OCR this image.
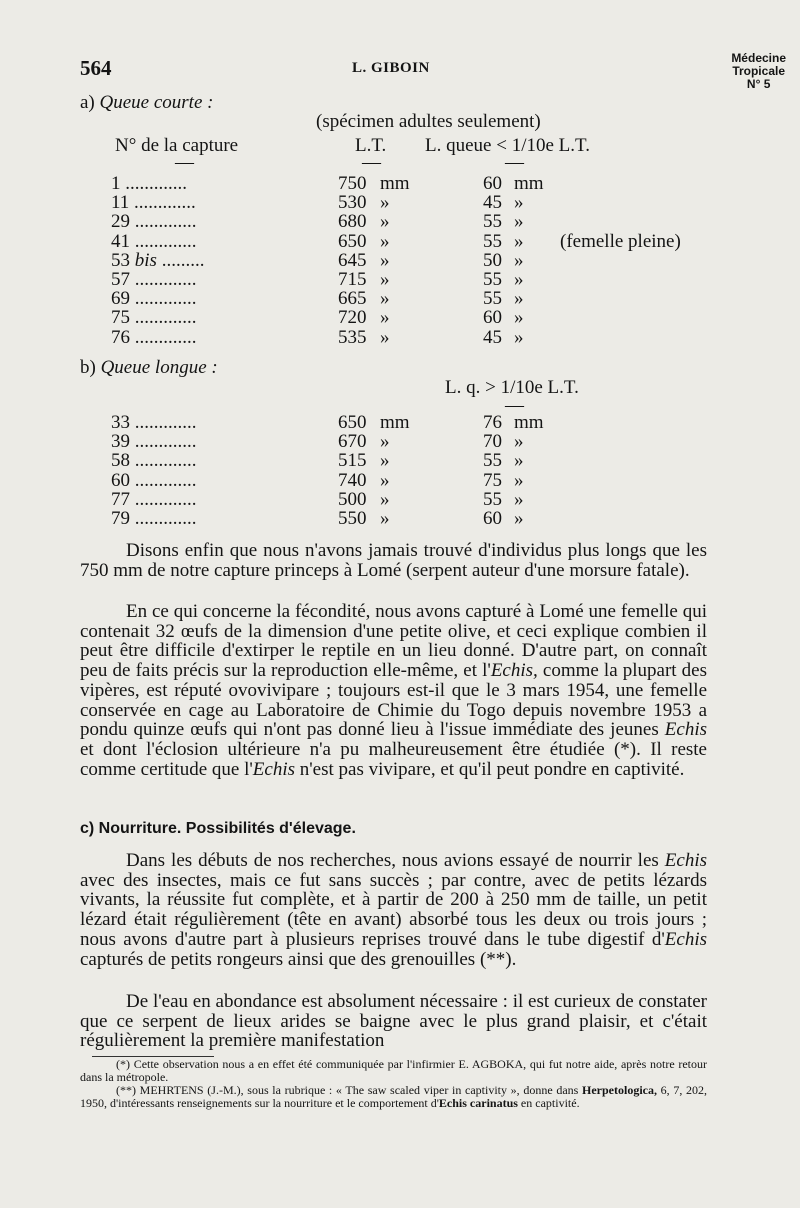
564	L. GIBOIN
Médecine
Tropicale
N° 5
a) Queue courte :
(spécimen adultes seulement)
N° de la capture	L.T. L. queue < 1/10e L.T.
—	—	—
1 .............	750 mm	60 mm
11 .............	530 »	45 »
29 .............	680 »	55 »
41 .............	650 »	55 » (femelle pleine)
53 bis .........	645 »	50 »
57 .............	715 »	55 »
69 .............	665 »	55 »
75 .............	720 »	60 »
76 .............	535 »	45 »
b) Queue longue :
L. q. > 1/10e L.T.
—
33 .............	650 mm	76 mm
39 .............	670 »	70 »
58 .............	515 »	55 »
60 .............	740 »	75 »
77 .............	500 »	55 »
79 .............	550 »	60 »

Disons enfin que nous n'avons jamais trouvé d'individus plus longs que les 750 mm de notre capture princeps à Lomé (serpent auteur d'une morsure fatale).

En ce qui concerne la fécondité, nous avons capturé à Lomé une femelle qui contenait 32 œufs de la dimension d'une petite olive, et ceci explique combien il peut être difficile d'extirper le reptile en un lieu donné. D'autre part, on connaît peu de faits précis sur la reproduction elle-même, et l'Echis, comme la plupart des vipères, est réputé ovovivipare ; toujours est-il que le 3 mars 1954, une femelle conservée en cage au Laboratoire de Chimie du Togo depuis novembre 1953 a pondu quinze œufs qui n'ont pas donné lieu à l'issue immédiate des jeunes Echis et dont l'éclosion ultérieure n'a pu malheureusement être étudiée (*). Il reste comme certitude que l'Echis n'est pas vivipare, et qu'il peut pondre en captivité.

c) Nourriture. Possibilités d'élevage.

Dans les débuts de nos recherches, nous avions essayé de nourrir les Echis avec des insectes, mais ce fut sans succès ; par contre, avec de petits lézards vivants, la réussite fut complète, et à partir de 200 à 250 mm de taille, un petit lézard était régulièrement (tête en avant) absorbé tous les deux ou trois jours ; nous avons d'autre part à plusieurs reprises trouvé dans le tube digestif d'Echis capturés de petits rongeurs ainsi que des grenouilles (**).

De l'eau en abondance est absolument nécessaire : il est curieux de constater que ce serpent de lieux arides se baigne avec le plus grand plaisir, et c'était régulièrement la première manifestation

(*) Cette observation nous a en effet été communiquée par l'infirmier E. AGBOKA, qui fut notre aide, après notre retour dans la métropole.

(**) MEHRTENS (J.-M.), sous la rubrique : « The saw scaled viper in captivity », donne dans Herpetologica, 6, 7, 202, 1950, d'intéressants renseignements sur la nourriture et le comportement d'Echis carinatus en captivité.
